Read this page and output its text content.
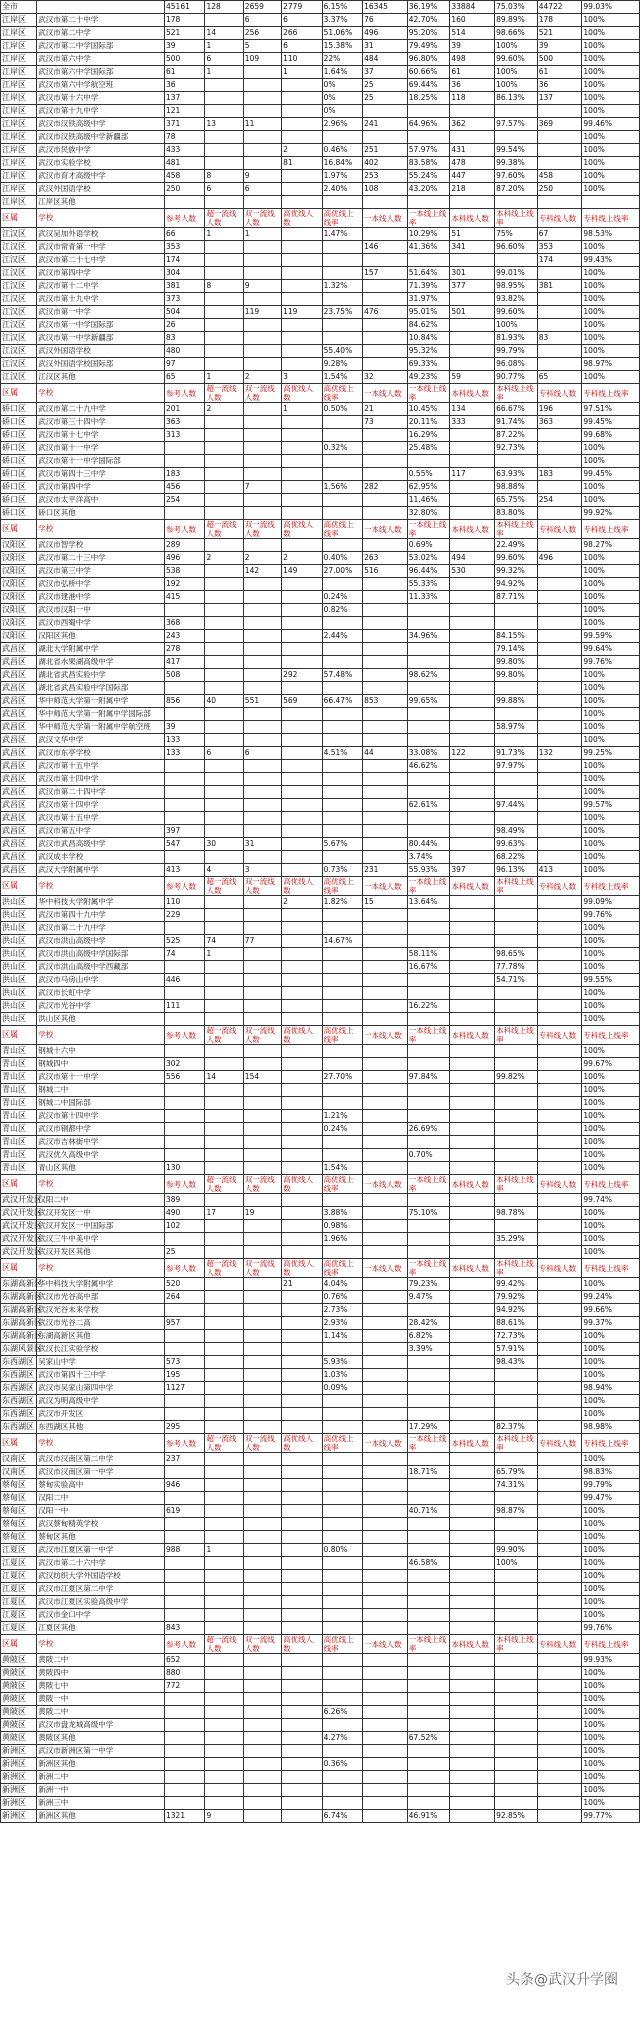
全市		45161	128	2659	2779	6.15%	16345	36.19%	33884	75.03%	44722	99.03%
江岸区	武汉市第二十中学	178		6	6	3.37%	76	42.70%	160	89.89%	178	100%
江岸区	武汉市第二中学	521	14	256	266	51.06%	496	95.20%	514	98.66%	521	100%
江岸区	武汉市第二中学国际部	39	1	5	6	15.38%	31	79.49%	39	100%	39	100%
江岸区	武汉市第六中学	500	6	109	110	22%	484	96.80%	498	99.60%	500	100%
江岸区	武汉市第六中学国际部	61	1		1	1.64%	37	60.66%	61	100%	61	100%
江岸区	武汉市第六中学航空班	36				0%	25	69.44%	36	100%	36	100%
江岸区	武汉市第十六中学	137				0%	25	18.25%	118	86.13%	137	100%
江岸区	武汉市第十九中学	121				0%						100%
江岸区	武汉市汉铁高级中学	371	13	11		2.96%	241	64.96%	362	97.57%	369	99.46%
江岸区	武汉市汉铁高级中学新疆部	78										100%
江岸区	武汉市民族中学	433			2	0.46%	251	57.97%	431	99.54%		100%
江岸区	武汉市实验学校	481			81	16.84%	402	83.58%	478	99.38%		100%
江岸区	武汉市育才高级中学	458	8	9		1.97%	253	55.24%	447	97.60%	458	100%
江岸区	武汉外国语学校	250	6	6		2.40%	108	43.20%	218	87.20%	250	100%
江岸区	江岸区其他											
区属	学校	参考人数	超一流线人数	双一流线人数	高优线人数	高优线上线率	一本线人数	一本线上线率	本科线人数	本科线上线率	专科线人数	专科线上线率
江汉区	武汉吴加外语学校	66	1	1		1.47%		10.29%	51	75%	67	98.53%
江汉区	武汉市常青第一中学	353					146	41.36%	341	96.60%	353	100%
江汉区	武汉市第二十七中学	174									174	99.43%
江汉区	武汉市第四中学	304					157	51.64%	301	99.01%		100%
江汉区	武汉市第十二中学	381	8	9		1.32%		71.39%	377	98.95%	381	100%
江汉区	武汉市第十九中学	373						31.97%		93.82%		100%
江汉区	武汉市第一中学	504		119	119	23.75%	476	95.01%	501	99.60%		100%
江汉区	武汉市第一中学国际部	26						84.62%		100%		100%
江汉区	武汉市第一中学新疆部	83						10.84%		81.93%	83	100%
江汉区	武汉外国语学校	480				55.40%		95.32%		99.79%		100%
江汉区	武汉外国语学校国际部	97				9.28%		69.33%		96.08%		98.97%
江汉区	江汉区其他	65	1	2	3	1.54%	32	49.23%	59	90.77%	65	100%
区属	学校	参考人数	超一流线人数	双一流线人数	高优线人数	高优线上线率	一本线人数	一本线上线率	本科线人数	本科线上线率	专科线人数	专科线上线率
硚口区	武汉市第二十九中学	201	2		1	0.50%	21	10.45%	134	66.67%	196	97.51%
硚口区	武汉市第三十四中学	363					73	20.11%	333	91.74%	363	99.45%
硚口区	武汉市第十七中学	313						16.29%		87.22%		99.68%
硚口区	武汉市第十一中学					0.32%		25.48%		92.73%		100%
硚口区	武汉市第十一中学国际部											100%
硚口区	武汉市第四十三中学	183						0.55%	117	63.93%	183	99.45%
硚口区	武汉市第四中学	456		7		1.56%	282	62.95%		98.88%		100%
硚口区	武汉市太平洋高中	254						11.46%		65.75%	254	100%
硚口区	硚口区其他							32.80%		83.80%		99.92%
区属	学校	参考人数	超一流线人数	双一流线人数	高优线人数	高优线上线率	一本线人数	一本线上线率	本科线人数	本科线上线率	专科线人数	专科线上线率
汉阳区	武汉市智学校	289						0.69%		22.49%		98.27%
汉阳区	武汉市第二十三中学	496	2	2	2	0.40%	263	53.02%	494	99.60%	496	100%
汉阳区	武汉市第三中学	538		142	149	27.00%	516	96.44%	530	99.32%		100%
汉阳区	武汉市弘桥中学	192						55.33%		94.92%		100%
汉阳区	武汉市建港中学	415				0.24%		11.33%		87.71%		100%
汉阳区	武汉市汉阳一中					0.82%						100%
汉阳区	武汉市西蜀中学	368										100%
汉阳区	汉阳区其他	243				2.44%		34.96%		84.15%		99.59%
武昌区	湖北大学附属中学	278								79.14%		99.64%
武昌区	湖北省水果湖高级中学	417								99.80%		99.76%
武昌区	湖北省武昌实验中学	508			292	57.48%		98.62%		99.80%		100%
武昌区	湖北省武昌实验中学国际部											100%
武昌区	华中师范大学第一附属中学	856	40	551	569	66.47%	853	99.65%		99.88%		100%
武昌区	华中师范大学第一附属中学国际部											100%
武昌区	华中师范大学第一附属中学航空班	39								58.97%		100%
武昌区	武汉文华中学	133										100%
武昌区	武汉市东亭学校	133	6	6		4.51%	44	33.08%	122	91.73%	132	99.25%
武昌区	武汉市第十五中学							46.62%		97.97%		100%
武昌区	武汉市第十四中学											100%
武昌区	武汉市第二十四中学											100%
武昌区	武汉市第十四中学							62.61%		97.44%		99.57%
武昌区	武汉市第十五中学											100%
武昌区	武汉市第五中学	397								98.49%		100%
武昌区	武汉市武昌高级中学	547	30	31		5.67%		80.44%		99.63%		100%
武昌区	武汉成丰学校							3.74%		68.22%		100%
武昌区	武汉大学附属中学	413	4	3		0.73%	231	55.93%	397	96.13%	413	100%
区属	学校	参考人数	超一流线人数	双一流线人数	高优线人数	高优线上线率	一本线人数	一本线上线率	本科线人数	本科线上线率	专科线人数	专科线上线率
洪山区	华中科技大学附属中学	110			2	1.82%	15	13.64%				99.09%
洪山区	武汉市第四十九中学	229										99.76%
洪山区	武汉市第二十九中学											100%
洪山区	武汉市洪山高级中学	525	74	77		14.67%						100%
洪山区	武汉市洪山高级中学国际部	74	1					58.11%		98.65%		100%
洪山区	武汉市洪山高级中学西藏部							16.67%		77.78%		100%
洪山区	武汉市马房山中学	446								54.71%		99.55%
洪山区	武汉市长虹中学											100%
洪山区	武汉市光谷中学	111						16.22%				100%
洪山区	洪山区其他											100%
区属	学校	参考人数	超一流线人数	双一流线人数	高优线人数	高优线上线率	一本线人数	一本线上线率	本科线人数	本科线上线率	专科线人数	专科线上线率
青山区	钢城十六中											100%
青山区	钢城四中	302										99.67%
青山区	武汉市第十一中学	556	14	154		27.70%		97.84%		99.82%		100%
青山区	钢城二中											100%
青山区	钢城二中国际部											100%
青山区	武汉市第十四中学					1.21%						100%
青山区	武汉市钢都中学					0.24%		26.69%				100%
青山区	武汉市吉林街中学											100%
青山区	武汉优久高级中学							0.70%				100%
青山区	青山区其他	130				1.54%						100%
区属	学校	参考人数	超一流线人数	双一流线人数	高优线人数	高优线上线率	一本线人数	一本线上线率	本科线人数	本科线上线率	专科线人数	专科线上线率
武汉开发区	汉阳二中	389										99.74%
武汉开发区	武汉开发区一中	490	17	19		3.88%		75.10%		98.78%		100%
武汉开发区	武汉开发区一中国际部	102				0.98%						100%
武汉开发区	武汉三牛中美中学					1.96%				35.29%		100%
武汉开发区	武汉开发区其他	25										100%
区属	学校	参考人数	超一流线人数	双一流线人数	高优线人数	高优线上线率	一本线人数	一本线上线率	本科线人数	本科线上线率	专科线人数	专科线上线率
东湖高新区	华中科技大学附属中学	520			21	4.04%		79.23%		99.42%		100%
东湖高新区	武汉市光谷高中部	264				0.76%		9.47%		79.92%		99.24%
东湖高新区	武汉光谷未来学校					2.73%				94.92%		99.66%
东湖高新区	武汉市光谷二高	957				2.93%		28.42%		88.61%		99.37%
东湖高新区	东湖高新区其他					1.14%		6.82%		72.73%		100%
东湖风景区	武汉长江实验学校							3.39%		57.91%		100%
东西湖区	吴家山中学	573				5.93%				98.43%		100%
东西湖区	武汉市第四十三中学	195				1.03%						100%
东西湖区	武汉市吴家山第四中学	1127				0.09%						98.94%
东西湖区	武汉为明高级中学											100%
东西湖区	武汉市开发区											100%
东西湖区	东西湖区其他	295						17.29%		82.37%		98.98%
区属	学校	参考人数	超一流线人数	双一流线人数	高优线人数	高优线上线率	一本线人数	一本线上线率	本科线人数	本科线上线率	专科线人数	专科线上线率
汉南区	武汉市汉南区第二中学	237										100%
汉南区	武汉市汉南区第一中学							18.71%		65.79%		98.83%
蔡甸区	蔡甸实验高中	946								74.31%		99.79%
蔡甸区	汉阳二中											99.47%
蔡甸区	汉阳一中	619						40.71%		98.87%		100%
蔡甸区	武汉蔡甸精英学校											100%
蔡甸区	蔡甸区其他											100%
江夏区	武汉市江夏区第一中学	988	1			0.80%				99.90%		100%
江夏区	武汉市第二十六中学							46.58%		100%		100%
江夏区	武汉纺织大学外国语学校											100%
江夏区	武汉市江夏区第二中学											100%
江夏区	武汉市江夏区实验高级中学											100%
江夏区	武汉市金口中学											100%
江夏区	江夏区其他	843										99.76%
区属	学校	参考人数	超一流线人数	双一流线人数	高优线人数	高优线上线率	一本线人数	一本线上线率	本科线人数	本科线上线率	专科线人数	专科线上线率
黄陂区	黄陂二中	652										99.93%
黄陂区	黄陂四中	880										100%
黄陂区	黄陂七中	772										100%
黄陂区	黄陂一中											100%
黄陂区	黄陂二中					6.26%						100%
黄陂区	武汉市盘龙城高级中学											100%
黄陂区	黄陂区其他					4.27%		67.52%				100%
新洲区	武汉市新洲区第一中学											100%
新洲区	新洲区其他					0.36%						100%
新洲区	新洲二中											100%
新洲区	新洲一中											100%
新洲区	新洲三中											100%
新洲区	新洲区其他	1321	9			6.74%		46.91%		92.85%		99.77%
头条@武汉升学圈
